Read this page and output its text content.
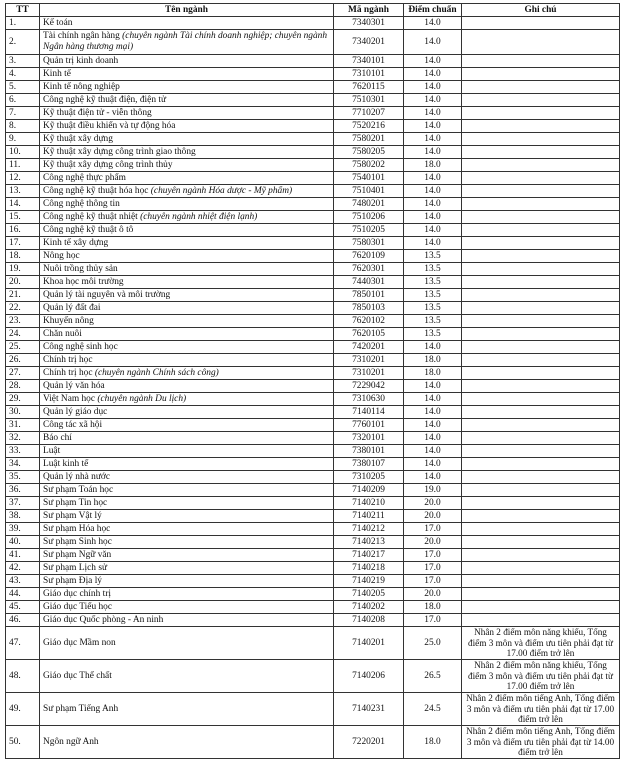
TT	Tên ngành	Mã ngành	Điểm chuẩn	Ghi chú
1.	Kế toán	7340301	14.0	
2.	Tài chính ngân hàng (chuyên ngành Tài chính doanh nghiệp; chuyên ngành Ngân hàng thương mại)	7340201	14.0	
3.	Quản trị kinh doanh	7340101	14.0	
4.	Kinh tế	7310101	14.0	
5.	Kinh tế nông nghiệp	7620115	14.0	
6.	Công nghệ kỹ thuật điện, điện tử	7510301	14.0	
7.	Kỹ thuật điện tử - viễn thông	7710207	14.0	
8.	Kỹ thuật điều khiển và tự động hóa	7520216	14.0	
9.	Kỹ thuật xây dựng	7580201	14.0	
10.	Kỹ thuật xây dựng công trình giao thông	7580205	14.0	
11.	Kỹ thuật xây dựng công trình thủy	7580202	18.0	
12.	Công nghệ thực phẩm	7540101	14.0	
13.	Công nghệ kỹ thuật hóa học (chuyên ngành Hóa dược - Mỹ phẩm)	7510401	14.0	
14.	Công nghệ thông tin	7480201	14.0	
15.	Công nghệ kỹ thuật nhiệt (chuyên ngành nhiệt điện lạnh)	7510206	14.0	
16.	Công nghệ kỹ thuật ô tô	7510205	14.0	
17.	Kinh tế xây dựng	7580301	14.0	
18.	Nông học	7620109	13.5	
19.	Nuôi trồng thủy sản	7620301	13.5	
20.	Khoa học môi trường	7440301	13.5	
21.	Quản lý tài nguyên và môi trường	7850101	13.5	
22.	Quản lý đất đai	7850103	13.5	
23.	Khuyến nông	7620102	13.5	
24.	Chăn nuôi	7620105	13.5	
25.	Công nghệ sinh học	7420201	14.0	
26.	Chính trị học	7310201	18.0	
27.	Chính trị học (chuyên ngành Chính sách công)	7310201	18.0	
28.	Quản lý văn hóa	7229042	14.0	
29.	Việt Nam học (chuyên ngành Du lịch)	7310630	14.0	
30.	Quản lý giáo dục	7140114	14.0	
31.	Công tác xã hội	7760101	14.0	
32.	Báo chí	7320101	14.0	
33.	Luật	7380101	14.0	
34.	Luật kinh tế	7380107	14.0	
35.	Quản lý nhà nước	7310205	14.0	
36.	Sư phạm Toán học	7140209	19.0	
37.	Sư phạm Tin học	7140210	20.0	
38.	Sư phạm Vật lý	7140211	20.0	
39.	Sư phạm Hóa học	7140212	17.0	
40.	Sư phạm Sinh học	7140213	20.0	
41.	Sư phạm Ngữ văn	7140217	17.0	
42.	Sư phạm Lịch sử	7140218	17.0	
43.	Sư phạm Địa lý	7140219	17.0	
44.	Giáo dục chính trị	7140205	20.0	
45.	Giáo dục Tiểu học	7140202	18.0	
46.	Giáo dục Quốc phòng - An ninh	7140208	17.0	
47.	Giáo dục Mầm non	7140201	25.0	Nhân 2 điểm môn năng khiếu, Tổng điểm 3 môn và điểm ưu tiên phải đạt từ 17.00 điểm trở lên
48.	Giáo dục Thể chất	7140206	26.5	Nhân 2 điểm môn năng khiếu, Tổng điểm 3 môn và điểm ưu tiên phải đạt từ 17.00 điểm trở lên
49.	Sư phạm Tiếng Anh	7140231	24.5	Nhân 2 điểm môn tiếng Anh, Tổng điểm 3 môn và điểm ưu tiên phải đạt từ 17.00 điểm trở lên
50.	Ngôn ngữ Anh	7220201	18.0	Nhân 2 điểm môn tiếng Anh, Tổng điểm 3 môn và điểm ưu tiên phải đạt từ 14.00 điểm trở lên
